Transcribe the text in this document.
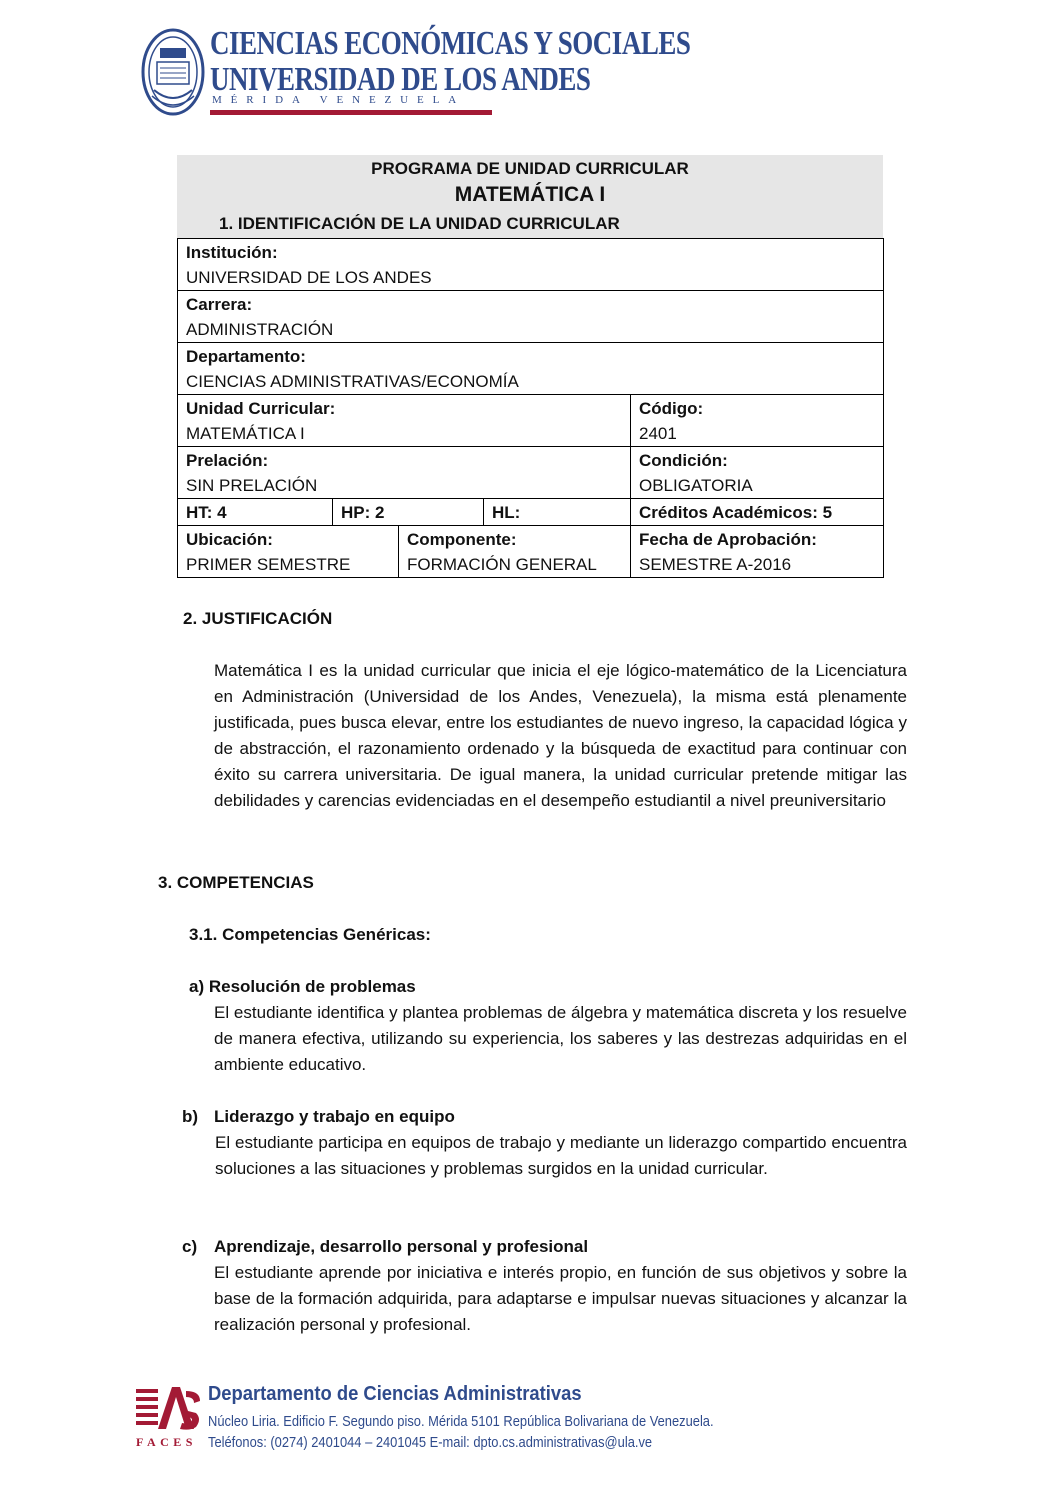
CIENCIAS ECONÓMICAS Y SOCIALES
UNIVERSIDAD DE LOS ANDES
MÉRIDA VENEZUELA
PROGRAMA DE UNIDAD CURRICULAR
MATEMÁTICA I
1. IDENTIFICACIÓN DE LA UNIDAD CURRICULAR
Institución:
UNIVERSIDAD DE LOS ANDES				

Carrera:
ADMINISTRACIÓN				

Departamento:
CIENCIAS ADMINISTRATIVAS/ECONOMÍA				

Unidad Curricular:
MATEMÁTICA I				Código:
2401

Prelación:
SIN PRELACIÓN				Condición:
OBLIGATORIA

HT: 4	HP: 2		HL:	Créditos Académicos: 5

Ubicación:
PRIMER SEMESTRE		Componente:
FORMACIÓN GENERAL		Fecha de Aprobación:
SEMESTRE A-2016
2. JUSTIFICACIÓN
Matemática I es la unidad curricular que inicia el eje lógico-matemático de la Licenciatura en Administración (Universidad de los Andes, Venezuela), la misma está plenamente justificada, pues busca elevar, entre los estudiantes de nuevo ingreso, la capacidad lógica y de abstracción, el razonamiento ordenado y la búsqueda de exactitud para continuar con éxito su carrera universitaria. De igual manera, la unidad curricular pretende mitigar las debilidades y carencias evidenciadas en el desempeño estudiantil a nivel preuniversitario
3. COMPETENCIAS
3.1. Competencias Genéricas:
a) Resolución de problemas
El estudiante identifica y plantea problemas de álgebra y matemática discreta y los resuelve de manera efectiva, utilizando su experiencia, los saberes y las destrezas adquiridas en el ambiente educativo.
b) Liderazgo y trabajo en equipo
El estudiante participa en equipos de trabajo y mediante un liderazgo compartido encuentra soluciones a las situaciones y problemas surgidos en la unidad curricular.
c) Aprendizaje, desarrollo personal y profesional
El estudiante aprende por iniciativa e interés propio, en función de sus objetivos y sobre la base de la formación adquirida, para adaptarse e impulsar nuevas situaciones y alcanzar la realización personal y profesional.
FACES
Departamento de Ciencias Administrativas
Núcleo Liria. Edificio F. Segundo piso. Mérida 5101 República Bolivariana de Venezuela.
Teléfonos: (0274) 2401044 – 2401045 E-mail: dpto.cs.administrativas@ula.ve
